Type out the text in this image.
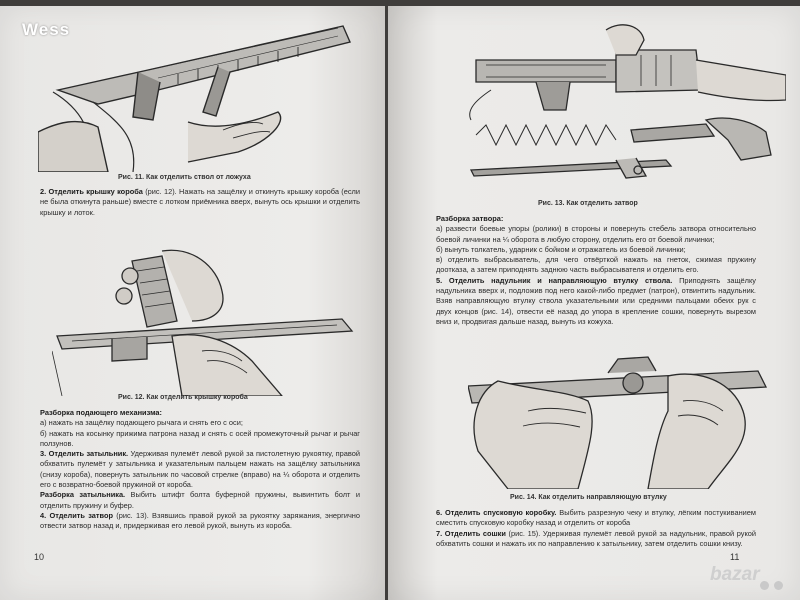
Рис. 11. Как отделить ствол от ложуха

2. Отделить крышку короба (рис. 12). Нажать на защёлку и откинуть крышку короба (если не была откинута раньше) вместе с лотком приёмника вверх, вынуть ось крышки и отделить крышку и лоток.

Рис. 12. Как отделить крышку короба

Разборка подающего механизма:

а) нажать на защёлку подающего рычага и снять его с оси;

б) нажать на косынку прижима патрона назад и снять с осей промежуточный рычаг и рычаг ползунов.

3. Отделить затыльник. Удерживая пулемёт левой рукой за пистолетную рукоятку, правой обхватить пулемёт у затыльника и указательным пальцем нажать на защёлку затыльника (снизу короба), повернуть затыльник по часовой стрелке (вправо) на ¼ оборота и отделить его с возвратно-боевой пружиной от короба.

Разборка затыльника. Выбить штифт болта буферной пружины, вывинтить болт и отделить пружину и буфер.

4. Отделить затвор (рис. 13). Взявшись правой рукой за рукоятку заряжания, энергично отвести затвор назад и, придерживая его левой рукой, вынуть из короба.

10
Рис. 13. Как отделить затвор

Разборка затвора:

а) развести боевые упоры (ролики) в стороны и повернуть стебель затвора относительно боевой личинки на ¼ оборота в любую сторону, отделить его от боевой личинки;

б) вынуть толкатель, ударник с бойком и отражатель из боевой личинки;

в) отделить выбрасыватель, для чего отвёрткой нажать на гнеток, сжимая пружину доотказа, а затем приподнять заднюю часть выбрасывателя и отделить его.

5. Отделить надульник и направляющую втулку ствола. Приподнять защёлку надульника вверх и, подложив под него какой-либо предмет (патрон), отвинтить надульник. Взяв направляющую втулку ствола указательными или средними пальцами обеих рук с двух концов (рис. 14), отвести её назад до упора в крепление сошки, повернуть вырезом вниз и, продвигая дальше назад, вынуть из кожуха.

Рис. 14. Как отделить направляющую втулку

6. Отделить спусковую коробку. Выбить разрезную чеку и втулку, лёгким постукиванием сместить спусковую коробку назад и отделить от короба

7. Отделить сошки (рис. 15). Удерживая пулемёт левой рукой за надульник, правой рукой обхватить сошки и нажать их по направлению к затыльнику, затем отделить сошки книзу.

11
bazar
Wess
